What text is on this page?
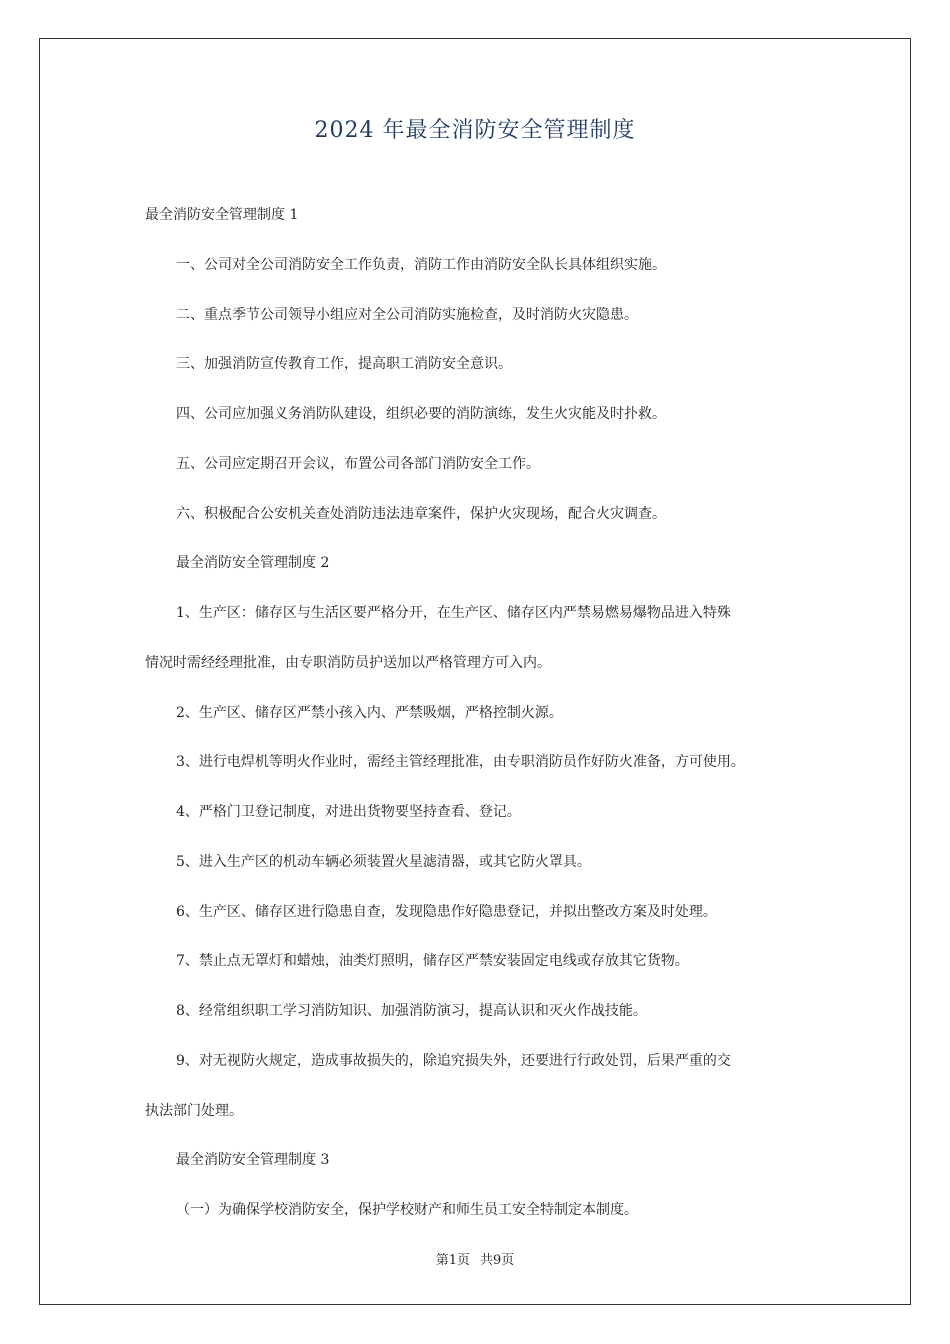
2024 年最全消防安全管理制度
最全消防安全管理制度 1
一、公司对全公司消防安全工作负责，消防工作由消防安全队长具体组织实施。
二、重点季节公司领导小组应对全公司消防实施检查，及时消防火灾隐患。
三、加强消防宣传教育工作，提高职工消防安全意识。
四、公司应加强义务消防队建设，组织必要的消防演练，发生火灾能及时扑救。
五、公司应定期召开会议，布置公司各部门消防安全工作。
六、积极配合公安机关查处消防违法违章案件，保护火灾现场，配合火灾调查。
最全消防安全管理制度 2
1、生产区：储存区与生活区要严格分开，在生产区、储存区内严禁易燃易爆物品进入特殊
情况时需经经理批准，由专职消防员护送加以严格管理方可入内。
2、生产区、储存区严禁小孩入内、严禁吸烟，严格控制火源。
3、进行电焊机等明火作业时，需经主管经理批准，由专职消防员作好防火准备，方可使用。
4、严格门卫登记制度，对进出货物要坚持查看、登记。
5、进入生产区的机动车辆必须装置火星滤清器，或其它防火罩具。
6、生产区、储存区进行隐患自查，发现隐患作好隐患登记，并拟出整改方案及时处理。
7、禁止点无罩灯和蜡烛，油类灯照明，储存区严禁安装固定电线或存放其它货物。
8、经常组织职工学习消防知识、加强消防演习，提高认识和灭火作战技能。
9、对无视防火规定，造成事故损失的，除追究损失外，还要进行行政处罚，后果严重的交
执法部门处理。
最全消防安全管理制度 3
（一）为确保学校消防安全，保护学校财产和师生员工安全特制定本制度。
第1页 共9页
